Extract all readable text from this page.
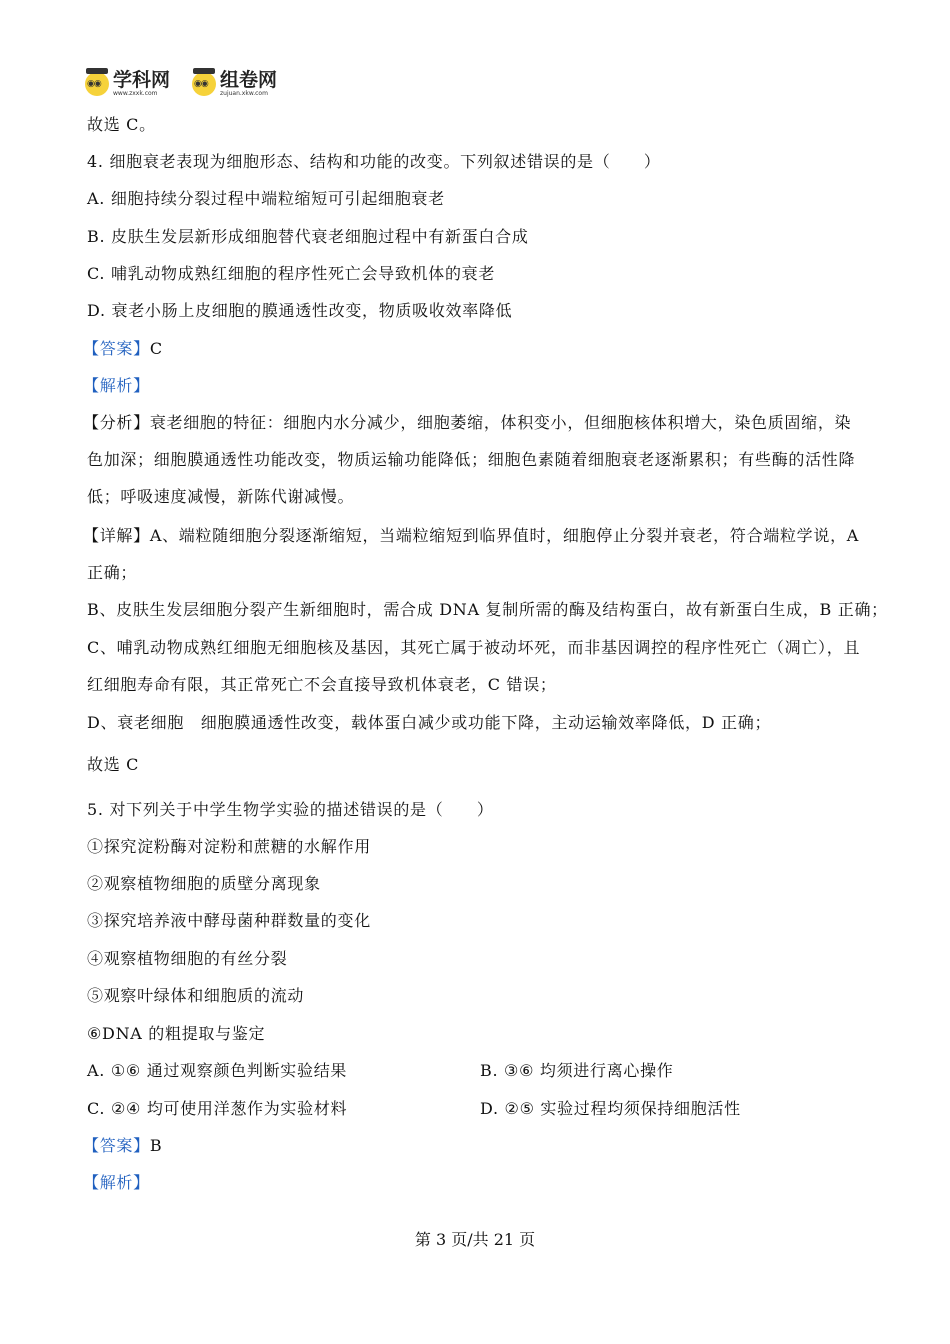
◉◉
学科网
www.zxxk.com
◉◉
组卷网
zujuan.xkw.com
故选 C。
4. 细胞衰老表现为细胞形态、结构和功能的改变。下列叙述错误的是（　　）
A. 细胞持续分裂过程中端粒缩短可引起细胞衰老
B. 皮肤生发层新形成细胞替代衰老细胞过程中有新蛋白合成
C. 哺乳动物成熟红细胞的程序性死亡会导致机体的衰老
D. 衰老小肠上皮细胞的膜通透性改变，物质吸收效率降低
【答案】C
【解析】
【分析】衰老细胞的特征：细胞内水分减少，细胞萎缩，体积变小，但细胞核体积增大，染色质固缩，染
色加深；细胞膜通透性功能改变，物质运输功能降低；细胞色素随着细胞衰老逐渐累积；有些酶的活性降
低；呼吸速度减慢，新陈代谢减慢。
【详解】A、端粒随细胞分裂逐渐缩短，当端粒缩短到临界值时，细胞停止分裂并衰老，符合端粒学说，A
正确；
B、皮肤生发层细胞分裂产生新细胞时，需合成 DNA 复制所需的酶及结构蛋白，故有新蛋白生成，B 正确；
C、哺乳动物成熟红细胞无细胞核及基因，其死亡属于被动坏死，而非基因调控的程序性死亡（凋亡），且
红细胞寿命有限，其正常死亡不会直接导致机体衰老，C 错误；
D、衰老细胞　细胞膜通透性改变，载体蛋白减少或功能下降，主动运输效率降低，D 正确；
故选 C
5. 对下列关于中学生物学实验的描述错误的是（　　）
①探究淀粉酶对淀粉和蔗糖的水解作用
②观察植物细胞的质壁分离现象
③探究培养液中酵母菌种群数量的变化
④观察植物细胞的有丝分裂
⑤观察叶绿体和细胞质的流动
⑥DNA 的粗提取与鉴定
A. ①⑥ 通过观察颜色判断实验结果	B. ③⑥ 均须进行离心操作
C. ②④ 均可使用洋葱作为实验材料	D. ②⑤ 实验过程均须保持细胞活性
【答案】B
【解析】
第 3 页/共 21 页
